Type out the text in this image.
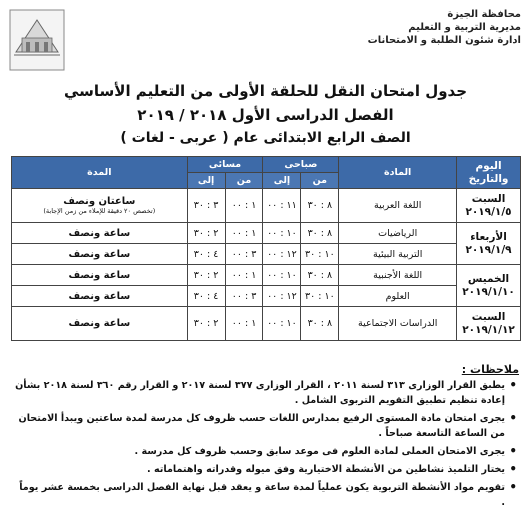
محافظة الجيزة
مديرية التربية و التعليم
ادارة شئون الطلبة و الامتحانات
جدول امتحان النقل للحلقة الأولى من التعليم الأساسي
الفصل الدراسى الأول ٢٠١٨ / ٢٠١٩
الصف الرابع الابتدائى عام ( عربى - لغات )
اليوم والتاريخ	المادة	صباحى		مسائى		المدة
		من	إلى	من	إلى	
السبت
٢٠١٩/١/٥	اللغة العربية	٨ : ٣٠	١١ : ٠٠	١ : ٠٠	٣ : ٣٠	ساعتان ونصف
(تخصص ٢٠ دقيقة للإملاء من زمن الإجابة)

الأربعاء
٢٠١٩/١/٩	الرياضيات	٨ : ٣٠	١٠ : ٠٠	١ : ٠٠	٢ : ٣٠	ساعة ونصف
	التربية البيئية	١٠ : ٣٠	١٢ : ٠٠	٣ : ٠٠	٤ : ٣٠	ساعة ونصف
الخميس
٢٠١٩/١/١٠	اللغة الأجنبية	٨ : ٣٠	١٠ : ٠٠	١ : ٠٠	٢ : ٣٠	ساعة ونصف
	العلوم	١٠ : ٣٠	١٢ : ٠٠	٣ : ٠٠	٤ : ٣٠	ساعة ونصف
السبت
٢٠١٩/١/١٢	الدراسات الاجتماعية	٨ : ٣٠	١٠ : ٠٠	١ : ٠٠	٢ : ٣٠	ساعة ونصف
ملاحظات :
• يطبق القرار الوزارى ٣١٣ لسنة ٢٠١١ ، القرار الوزارى ٣٧٧ لسنة ٢٠١٧ و القرار رقم ٣٦٠ لسنة ٢٠١٨ بشأن إعادة تنظيم تطبيق التقويم التربوى الشامل .
• يجرى امتحان مادة المستوى الرفيع بمدارس اللغات حسب ظروف كل مدرسة لمدة ساعتين ويبدأ الامتحان من الساعة التاسعة صباحاً .
• يجرى الامتحان العملى لمادة العلوم فى موعد سابق وحسب ظروف كل مدرسة .
• يختار التلميذ نشاطين من الأنشطة الاختيارية وفق ميوله وقدراته واهتماماته .
• تقويم مواد الأنشطة التربوية يكون عملياً لمدة ساعة و يعقد قبل نهاية الفصل الدراسى بخمسة عشر يوماً .
